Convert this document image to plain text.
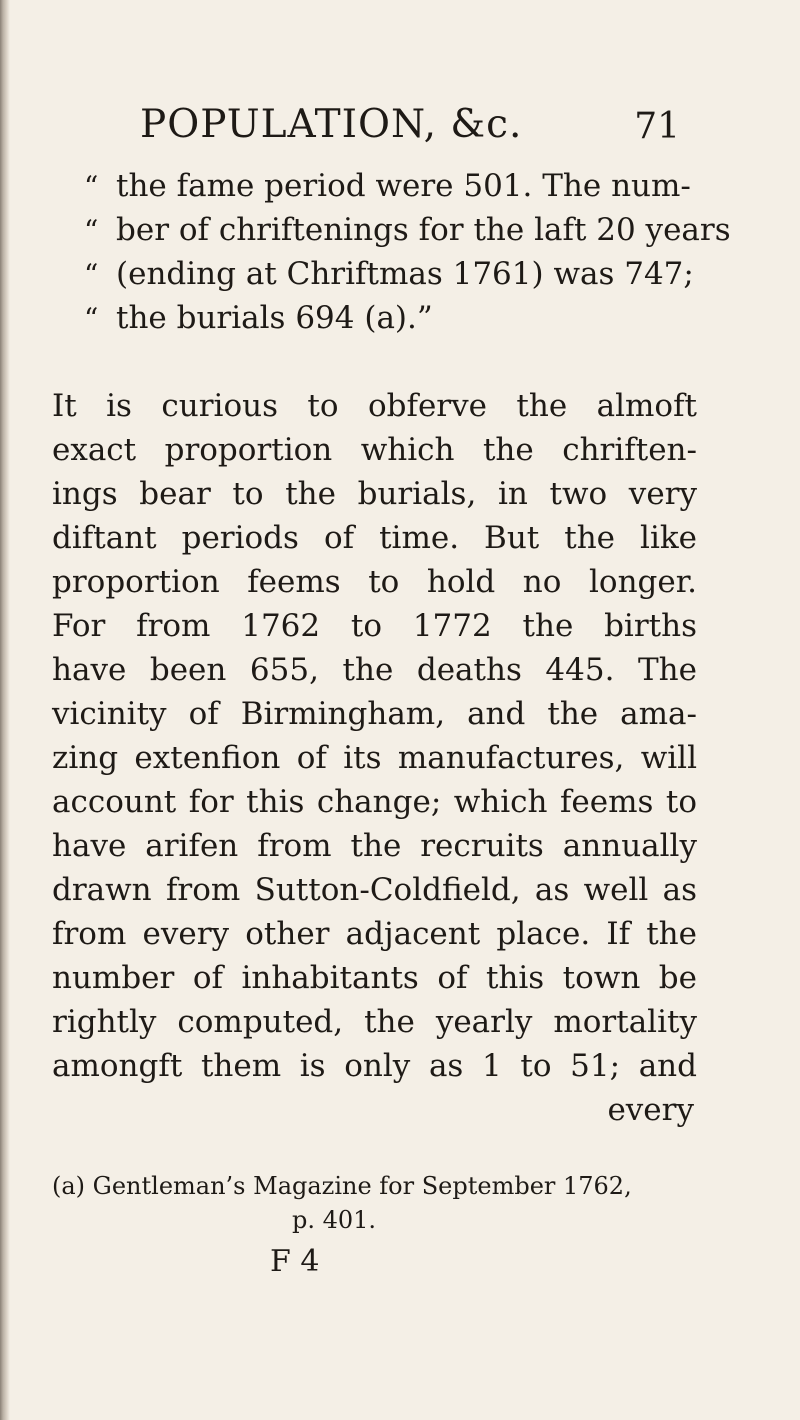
POPULATION, &c.	71
“ the fame period were 501. The num-
“ ber of chriftenings for the laft 20 years
“ (ending at Chriftmas 1761) was 747;
“ the burials 694 (a).”
It is curious to obferve the almoft
exact proportion which the chriften-
ings bear to the burials, in two very
diftant periods of time. But the like
proportion feems to hold no longer.
For from 1762 to 1772 the births
have been 655, the deaths 445. The
vicinity of Birmingham, and the ama-
zing extenfion of its manufactures, will
account for this change; which feems to
have arifen from the recruits annually
drawn from Sutton-Coldfield, as well as
from every other adjacent place. If the
number of inhabitants of this town be
rightly computed, the yearly mortality
amongft them is only as 1 to 51; and
every
(a) Gentleman’s Magazine for September 1762,
p. 401.
F 4
